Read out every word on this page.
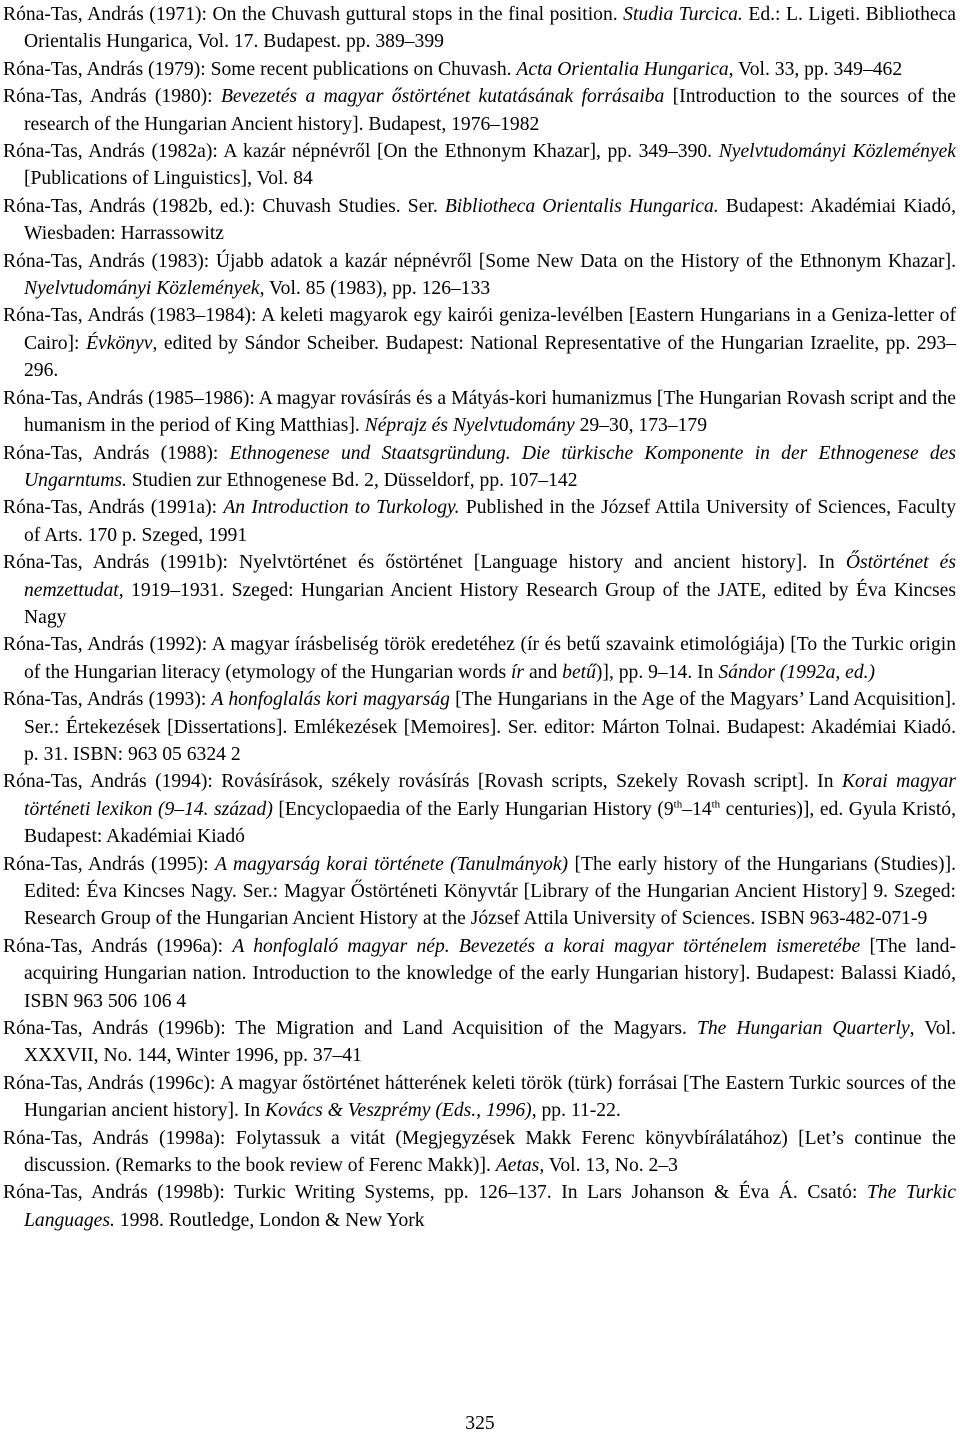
Róna-Tas, András (1971): On the Chuvash guttural stops in the final position. Studia Turcica. Ed.: L. Ligeti. Bibliotheca Orientalis Hungarica, Vol. 17. Budapest. pp. 389–399

Róna-Tas, András (1979): Some recent publications on Chuvash. Acta Orientalia Hungarica, Vol. 33, pp. 349–462

Róna-Tas, András (1980): Bevezetés a magyar őstörténet kutatásának forrásaiba [Introduction to the sources of the research of the Hungarian Ancient history]. Budapest, 1976–1982

Róna-Tas, András (1982a): A kazár népnévről [On the Ethnonym Khazar], pp. 349–390. Nyelvtudományi Közlemények [Publications of Linguistics], Vol. 84

Róna-Tas, András (1982b, ed.): Chuvash Studies. Ser. Bibliotheca Orientalis Hungarica. Budapest: Akadémiai Kiadó, Wiesbaden: Harrassowitz

Róna-Tas, András (1983): Újabb adatok a kazár népnévről [Some New Data on the History of the Ethnonym Khazar]. Nyelvtudományi Közlemények, Vol. 85 (1983), pp. 126–133

Róna-Tas, András (1983–1984): A keleti magyarok egy kairói geniza-levélben [Eastern Hungarians in a Geniza-letter of Cairo]: Évkönyv, edited by Sándor Scheiber. Budapest: National Representative of the Hungarian Izraelite, pp. 293–296.

Róna-Tas, András (1985–1986): A magyar rovásírás és a Mátyás-kori humanizmus [The Hungarian Rovash script and the humanism in the period of King Matthias]. Néprajz és Nyelvtudomány 29–30, 173–179

Róna-Tas, András (1988): Ethnogenese und Staatsgründung. Die türkische Komponente in der Ethnogenese des Ungarntums. Studien zur Ethnogenese Bd. 2, Düsseldorf, pp. 107–142

Róna-Tas, András (1991a): An Introduction to Turkology. Published in the József Attila University of Sciences, Faculty of Arts. 170 p. Szeged, 1991

Róna-Tas, András (1991b): Nyelvtörténet és őstörténet [Language history and ancient history]. In Őstörténet és nemzettudat, 1919–1931. Szeged: Hungarian Ancient History Research Group of the JATE, edited by Éva Kincses Nagy

Róna-Tas, András (1992): A magyar írásbeliség török eredetéhez (ír és betű szavaink etimológiája) [To the Turkic origin of the Hungarian literacy (etymology of the Hungarian words ír and betű)], pp. 9–14. In Sándor (1992a, ed.)

Róna-Tas, András (1993): A honfoglalás kori magyarság [The Hungarians in the Age of the Magyars’ Land Acquisition]. Ser.: Értekezések [Dissertations]. Emlékezések [Memoires]. Ser. editor: Márton Tolnai. Budapest: Akadémiai Kiadó. p. 31. ISBN: 963 05 6324 2

Róna-Tas, András (1994): Rovásírások, székely rovásírás [Rovash scripts, Szekely Rovash script]. In Korai magyar történeti lexikon (9–14. század) [Encyclopaedia of the Early Hungarian History (9th–14th centuries)], ed. Gyula Kristó, Budapest: Akadémiai Kiadó

Róna-Tas, András (1995): A magyarság korai története (Tanulmányok) [The early history of the Hungarians (Studies)]. Edited: Éva Kincses Nagy. Ser.: Magyar Őstörténeti Könyvtár [Library of the Hungarian Ancient History] 9. Szeged: Research Group of the Hungarian Ancient History at the József Attila University of Sciences. ISBN 963-482-071-9

Róna-Tas, András (1996a): A honfoglaló magyar nép. Bevezetés a korai magyar történelem ismeretébe [The land-acquiring Hungarian nation. Introduction to the knowledge of the early Hungarian history]. Budapest: Balassi Kiadó, ISBN 963 506 106 4

Róna-Tas, András (1996b): The Migration and Land Acquisition of the Magyars. The Hungarian Quarterly, Vol. XXXVII, No. 144, Winter 1996, pp. 37–41

Róna-Tas, András (1996c): A magyar őstörténet hátterének keleti török (türk) forrásai [The Eastern Turkic sources of the Hungarian ancient history]. In Kovács & Veszprémy (Eds., 1996), pp. 11-22.

Róna-Tas, András (1998a): Folytassuk a vitát (Megjegyzések Makk Ferenc könyvbírálatához) [Let’s continue the discussion. (Remarks to the book review of Ferenc Makk)]. Aetas, Vol. 13, No. 2–3

Róna-Tas, András (1998b): Turkic Writing Systems, pp. 126–137. In Lars Johanson & Éva Á. Csató: The Turkic Languages. 1998. Routledge, London & New York

325
